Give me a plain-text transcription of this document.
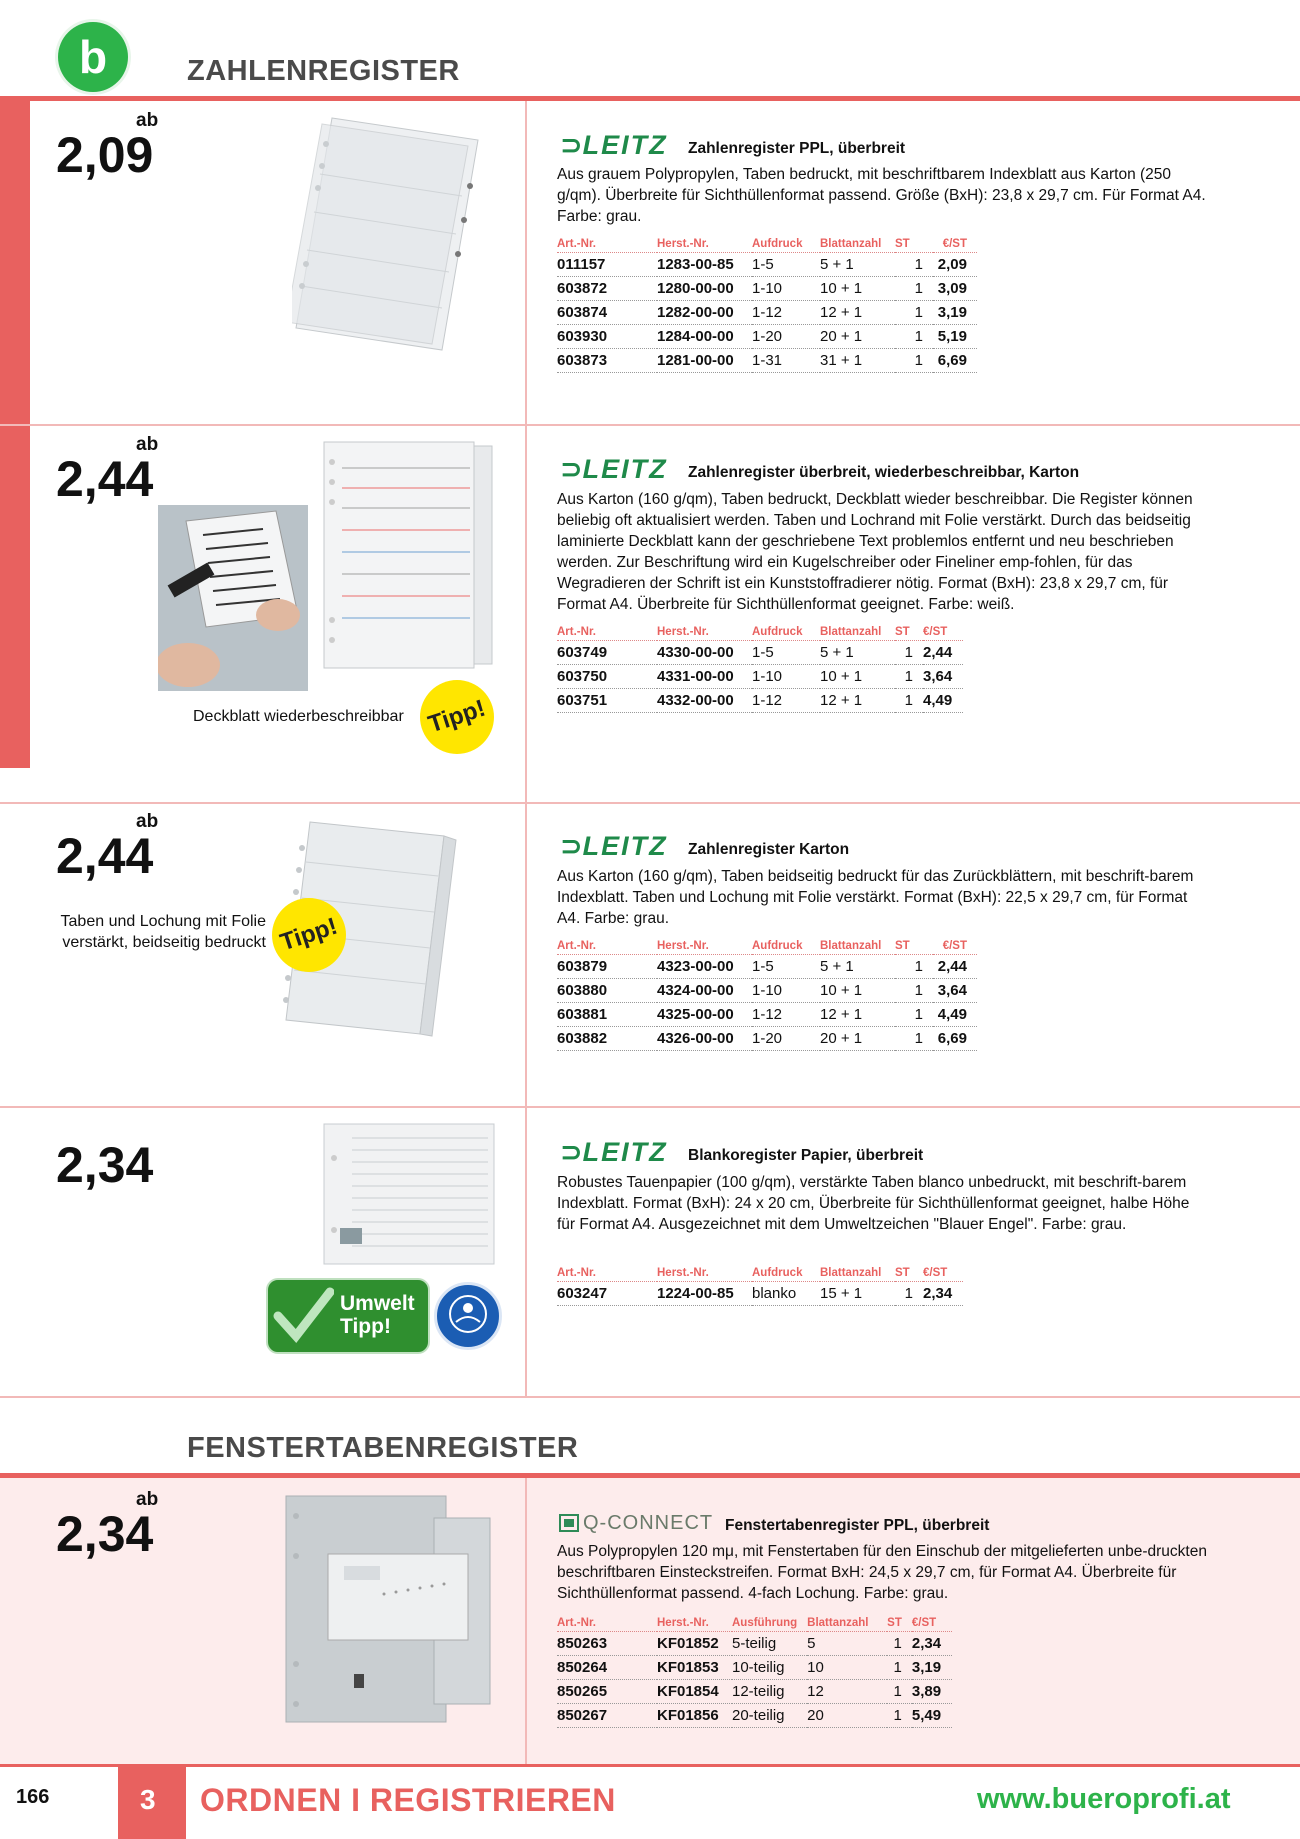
b	ZAHLENREGISTER
ab
2,09	⊃LEITZ Zahlenregister PPL, überbreit
Aus grauem Polypropylen, Taben bedruckt, mit beschriftbarem Indexblatt aus Karton (250 g/qm). Überbreite für Sichthüllenformat passend. Größe (BxH): 23,8 x 29,7 cm. Für Format A4. Farbe: grau.
Art.-Nr.	Herst.-Nr.	Aufdruck	Blattanzahl	ST	€/ST
011157	1283-00-85	1-5	5 + 1	1	2,09
603872	1280-00-00	1-10	10 + 1	1	3,09
603874	1282-00-00	1-12	12 + 1	1	3,19
603930	1284-00-00	1-20	20 + 1	1	5,19
603873	1281-00-00	1-31	31 + 1	1	6,69
ab
2,44
Deckblatt wiederbeschreibbar Tipp!
⊃LEITZ Zahlenregister überbreit, wiederbeschreibbar, Karton
Aus Karton (160 g/qm), Taben bedruckt, Deckblatt wieder beschreibbar. Die Register können beliebig oft aktualisiert werden. Taben und Lochrand mit Folie verstärkt. Durch das beidseitig laminierte Deckblatt kann der geschriebene Text problemlos entfernt und neu beschrieben werden. Zur Beschriftung wird ein Kugelschreiber oder Fineliner emp-fohlen, für das Wegradieren der Schrift ist ein Kunststoffradierer nötig. Format (BxH): 23,8 x 29,7 cm, für Format A4. Überbreite für Sichthüllenformat geeignet. Farbe: weiß.
Art.-Nr.	Herst.-Nr.	Aufdruck	Blattanzahl	ST	€/ST
603749	4330-00-00	1-5	5 + 1	1	2,44
603750	4331-00-00	1-10	10 + 1	1	3,64
603751	4332-00-00	1-12	12 + 1	1	4,49
ab
2,44
Taben und Lochung mit Folie
verstärkt, beidseitig bedruckt Tipp!
⊃LEITZ Zahlenregister Karton
Aus Karton (160 g/qm), Taben beidseitig bedruckt für das Zurückblättern, mit beschrift-barem Indexblatt. Taben und Lochung mit Folie verstärkt. Format (BxH): 22,5 x 29,7 cm, für Format A4. Farbe: grau.
Art.-Nr.	Herst.-Nr.	Aufdruck	Blattanzahl	ST	€/ST
603879	4323-00-00	1-5	5 + 1	1	2,44
603880	4324-00-00	1-10	10 + 1	1	3,64
603881	4325-00-00	1-12	12 + 1	1	4,49
603882	4326-00-00	1-20	20 + 1	1	6,69
2,34
Umwelt
Tipp!
⊃LEITZ Blankoregister Papier, überbreit
Robustes Tauenpapier (100 g/qm), verstärkte Taben blanco unbedruckt, mit beschrift-barem Indexblatt. Format (BxH): 24 x 20 cm, Überbreite für Sichthüllenformat geeignet, halbe Höhe für Format A4. Ausgezeichnet mit dem Umweltzeichen "Blauer Engel". Farbe: grau.
Art.-Nr.	Herst.-Nr.	Aufdruck	Blattanzahl	ST	€/ST
603247	1224-00-85	blanko	15 + 1	1	2,34
FENSTERTABENREGISTER
ab
2,34	Q-CONNECT Fenstertabenregister PPL, überbreit
Aus Polypropylen 120 mμ, mit Fenstertaben für den Einschub der mitgelieferten unbe-druckten beschriftbaren Einsteckstreifen. Format BxH: 24,5 x 29,7 cm, für Format A4. Überbreite für Sichthüllenformat passend. 4-fach Lochung. Farbe: grau.
Art.-Nr.	Herst.-Nr.	Ausführung	Blattanzahl	ST	€/ST
850263	KF01852	5-teilig	5	1	2,34
850264	KF01853	10-teilig	10	1	3,19
850265	KF01854	12-teilig	12	1	3,89
850267	KF01856	20-teilig	20	1	5,49
166	3 ORDNEN I REGISTRIEREN	www.bueroprofi.at
